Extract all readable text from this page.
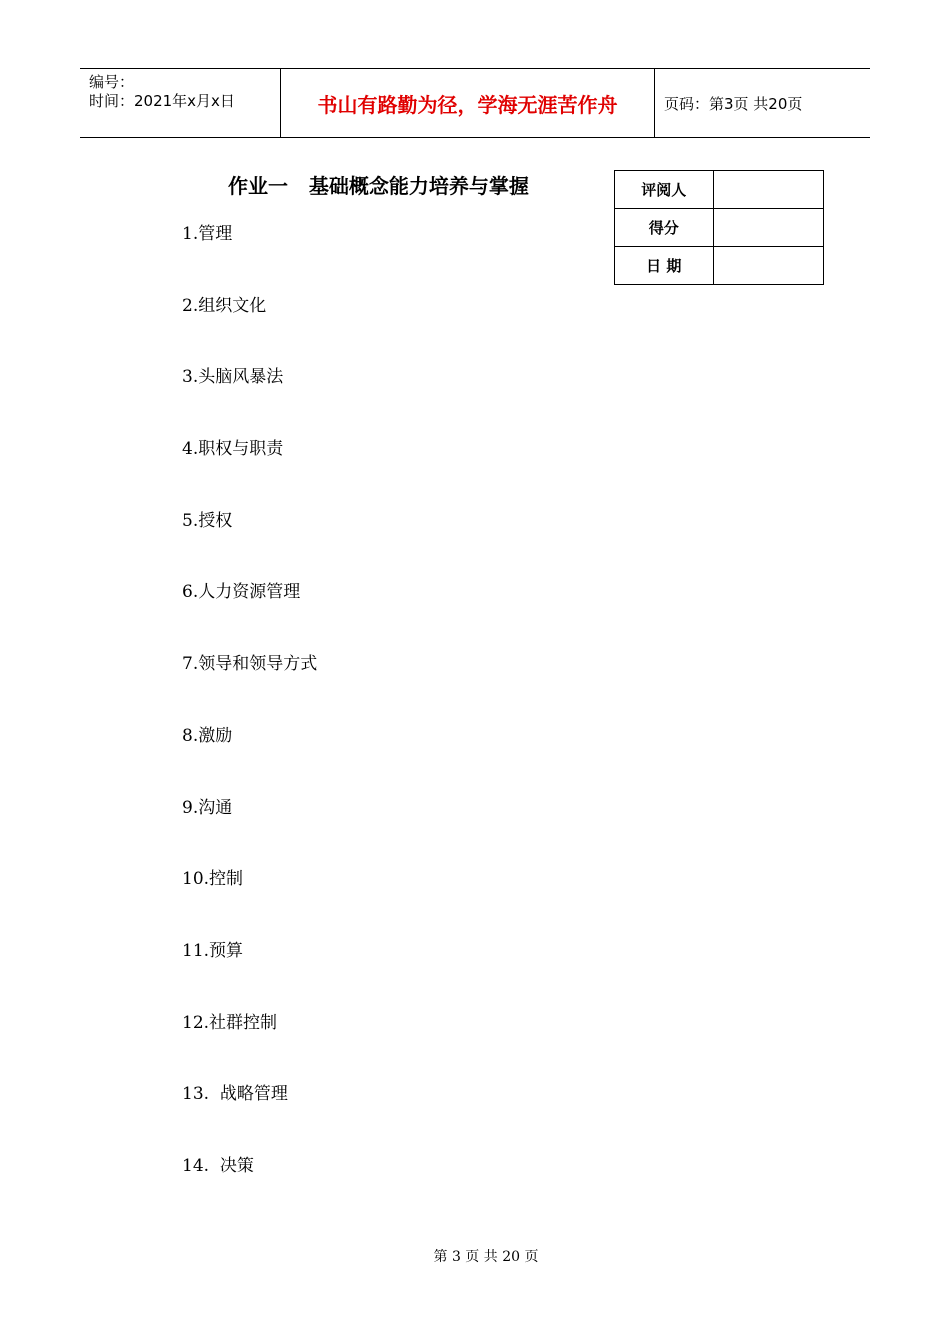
编号：
时间：2021年x月x日	书山有路勤为径，学海无涯苦作舟	页码：第3页 共20页
作业一   基础概念能力培养与掌握	评阅人	
得分	
日 期	
1.管理
2.组织文化
3.头脑风暴法
4.职权与职责
5.授权
6.人力资源管理
7.领导和领导方式
8.激励
9.沟通
10.控制
11.预算
12.社群控制
13.  战略管理
14.  决策
第 3 页 共 20 页
